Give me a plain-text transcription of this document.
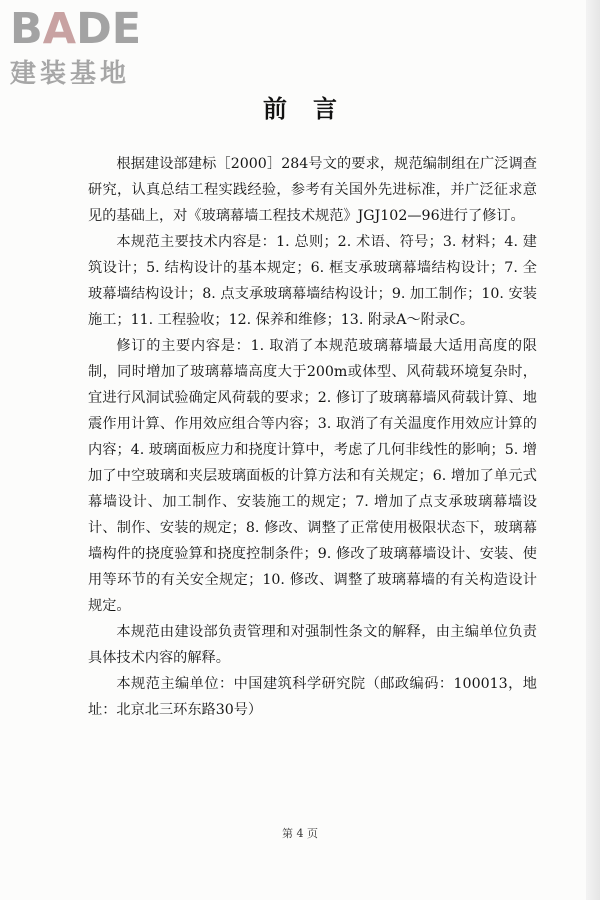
BADE
建装基地
前言

根据建设部建标［2000］284号文的要求，规范编制组在广泛调查研究，认真总结工程实践经验，参考有关国外先进标准，并广泛征求意见的基础上，对《玻璃幕墙工程技术规范》JGJ102—96进行了修订。

本规范主要技术内容是：1. 总则；2. 术语、符号；3. 材料；4. 建筑设计；5. 结构设计的基本规定；6. 框支承玻璃幕墙结构设计；7. 全玻幕墙结构设计；8. 点支承玻璃幕墙结构设计；9. 加工制作；10. 安装施工；11. 工程验收；12. 保养和维修；13. 附录A～附录C。

修订的主要内容是：1. 取消了本规范玻璃幕墙最大适用高度的限制，同时增加了玻璃幕墙高度大于200m或体型、风荷载环境复杂时，宜进行风洞试验确定风荷载的要求；2. 修订了玻璃幕墙风荷载计算、地震作用计算、作用效应组合等内容；3. 取消了有关温度作用效应计算的内容；4. 玻璃面板应力和挠度计算中，考虑了几何非线性的影响；5. 增加了中空玻璃和夹层玻璃面板的计算方法和有关规定；6. 增加了单元式幕墙设计、加工制作、安装施工的规定；7. 增加了点支承玻璃幕墙设计、制作、安装的规定；8. 修改、调整了正常使用极限状态下，玻璃幕墙构件的挠度验算和挠度控制条件；9. 修改了玻璃幕墙设计、安装、使用等环节的有关安全规定；10. 修改、调整了玻璃幕墙的有关构造设计规定。

本规范由建设部负责管理和对强制性条文的解释，由主编单位负责具体技术内容的解释。

本规范主编单位：中国建筑科学研究院（邮政编码：100013，地址：北京北三环东路30号）

第 4 页
